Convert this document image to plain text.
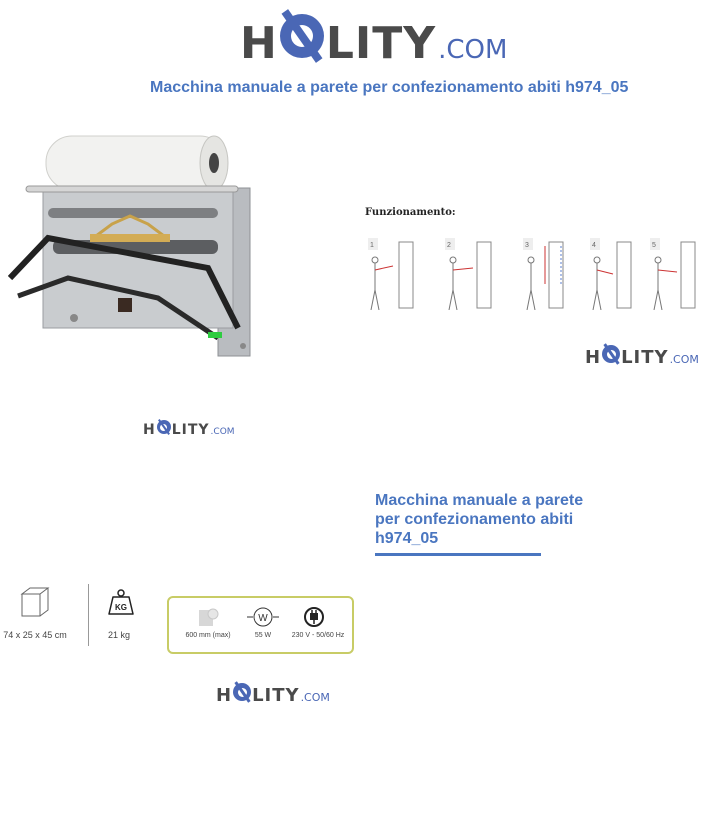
H LITY .COM
Macchina manuale a parete per confezionamento abiti h974_05
Funzionamento:
1	2	3	4	5
H LITY .COM
H LITY .COM
Macchina manuale a parete per confezionamento abiti h974_05
KG
74 x 25 x 45 cm	21 kg
W
600 mm (max)	55 W	230 V - 50/60 Hz
H LITY .COM
